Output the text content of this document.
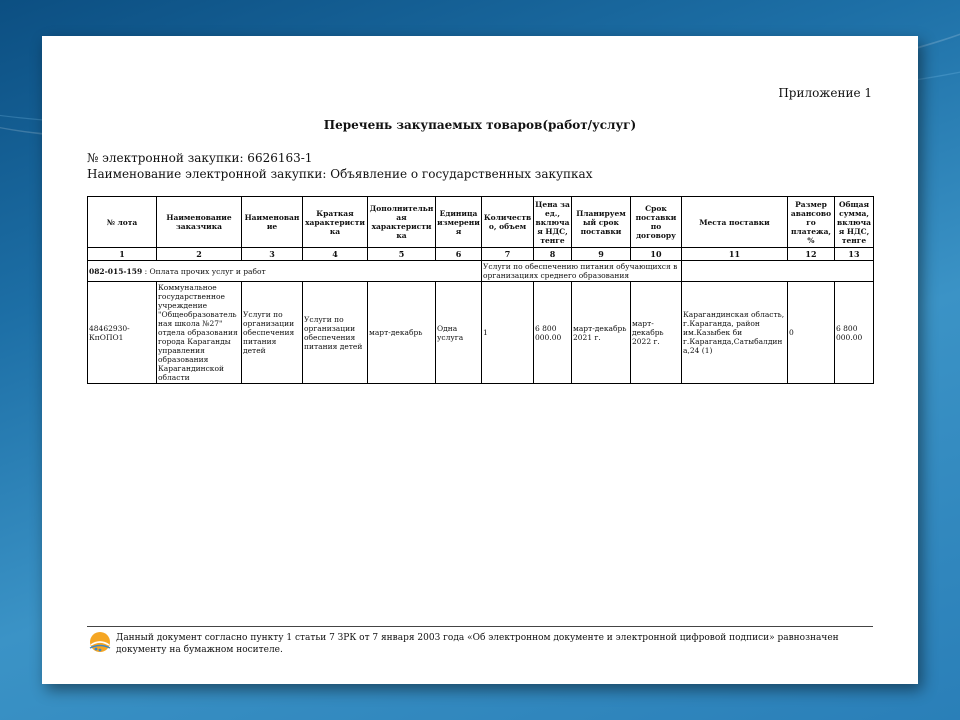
Приложение 1
Перечень закупаемых товаров(работ/услуг)
№ электронной закупки: 6626163-1
Наименование электронной закупки: Объявление о государственных закупках
№ лота	Наименование заказчика	Наименование	Краткая характеристика	Дополнительная характеристика	Единица измерения	Количество, объем	Цена за ед., включая НДС, тенге	Планируемый срок поставки	Срок поставки по договору	Места поставки	Размер авансового платежа, %	Общая сумма, включая НДС, тенге
1	2	3	4	5	6	7	8	9	10	11	12	13
082-015-159 : Оплата прочих услуг и работ						Услуги по обеспечению питания обучающихся в организациях среднего образования						
48462930-КпОПО1	Коммунальное государственное учреждение "Общеобразовательная школа №27" отдела образования города Караганды управления образования Карагандинской области	Услуги по организации обеспечения питания детей	Услуги по организации обеспечения питания детей	март-декабрь	Одна услуга	1	6 800 000.00	март-декабрь 2021 г.	март-декабрь 2022 г.	Карагандинская область, г.Караганда, район им.Казыбек би г.Караганда,Сатыбалдина,24 (1)	0	6 800 000.00
Данный документ согласно пункту 1 статьи 7 ЗРК от 7 января 2003 года «Об электронном документе и электронной цифровой подписи» равнозначен документу на бумажном носителе.
